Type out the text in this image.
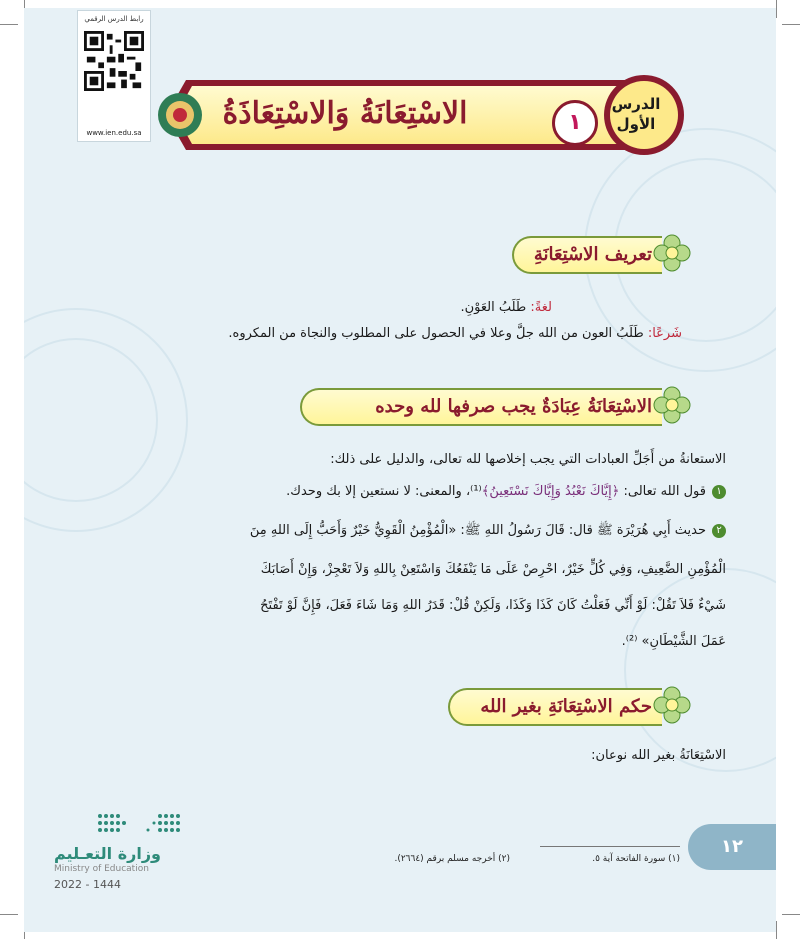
رابط الدرس الرقمي
www.ien.edu.sa
الاسْتِعَانَةُ وَالاسْتِعَاذَةُ	١
الدرس
الأول
تعريف الاسْتِعَانَةِ
لغةً: طَلَبُ العَوْنِ.
شَرعًا: طَلَبُ العون من الله جلَّ وعلا في الحصول على المطلوب والنجاة من المكروه.
الاسْتِعَانَةُ عِبَادَةٌ يجب صرفها لله وحده
الاستعانةُ من أَجَلِّ العبادات التي يجب إخلاصها لله تعالى، والدليل على ذلك:
١قول الله تعالى: ﴿إِيَّاكَ نَعْبُدُ وَإِيَّاكَ نَسْتَعِينُ﴾⁽¹⁾، والمعنى: لا نستعين إلا بك وحدك.
٢حديث أَبِي هُرَيْرَة ﷺ قال: قَالَ رَسُولُ اللهِ ﷺ: «الْمُؤْمِنُ الْقَوِيُّ خَيْرٌ وَأَحَبُّ إِلَى اللهِ مِنَ
الْمُؤْمِنِ الضَّعِيفِ، وَفِي كُلٍّ خَيْرٌ، احْرِصْ عَلَى مَا يَنْفَعُكَ وَاسْتَعِنْ بِاللهِ وَلاَ تَعْجِزْ، وَإِنْ أَصَابَكَ
شَيْءٌ فَلاَ تَقُلْ: لَوْ أَنِّي فَعَلْتُ كَانَ كَذَا وَكَذَا، وَلَكِنْ قُلْ: قَدَرُ اللهِ وَمَا شَاءَ فَعَلَ، فَإِنَّ لَوْ تَفْتَحُ
عَمَلَ الشَّيْطَانِ» ⁽²⁾.
حكم الاسْتِعَانَةِ بغير الله
الاسْتِعَانَةُ بغير الله نوعان:
١٢
(١) سورة الفاتحة آية ٥.
(٢) أخرجه مسلم برقم (٢٦٦٤).
وزارة التعـليم
Ministry of Education
2022 - 1444
